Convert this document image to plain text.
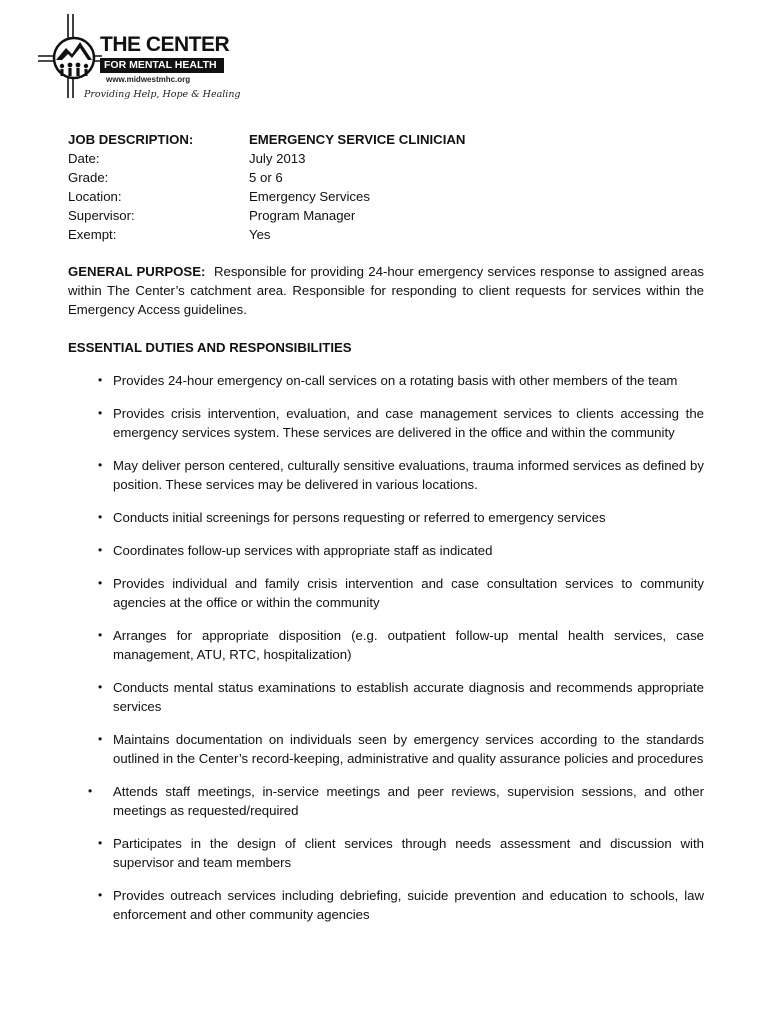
THE CENTER
FOR MENTAL HEALTH
www.midwestmhc.org
Providing Help, Hope & Healing
JOB DESCRIPTION:	EMERGENCY SERVICE CLINICIAN
Date:	July 2013
Grade:	5 or 6
Location:	Emergency Services
Supervisor:	Program Manager
Exempt:	Yes
GENERAL PURPOSE: Responsible for providing 24-hour emergency services response to assigned areas within The Center’s catchment area. Responsible for responding to client requests for services within the Emergency Access guidelines.
ESSENTIAL DUTIES AND RESPONSIBILITIES
• Provides 24-hour emergency on-call services on a rotating basis with other members of the team
• Provides crisis intervention, evaluation, and case management services to clients accessing the emergency services system. These services are delivered in the office and within the community
• May deliver person centered, culturally sensitive evaluations, trauma informed services as defined by position. These services may be delivered in various locations.
• Conducts initial screenings for persons requesting or referred to emergency services
• Coordinates follow-up services with appropriate staff as indicated
• Provides individual and family crisis intervention and case consultation services to community agencies at the office or within the community
• Arranges for appropriate disposition (e.g. outpatient follow-up mental health services, case management, ATU, RTC, hospitalization)
• Conducts mental status examinations to establish accurate diagnosis and recommends appropriate services
• Maintains documentation on individuals seen by emergency services according to the standards outlined in the Center’s record-keeping, administrative and quality assurance policies and procedures
• Attends staff meetings, in-service meetings and peer reviews, supervision sessions, and other meetings as requested/required
• Participates in the design of client services through needs assessment and discussion with supervisor and team members
• Provides outreach services including debriefing, suicide prevention and education to schools, law enforcement and other community agencies
